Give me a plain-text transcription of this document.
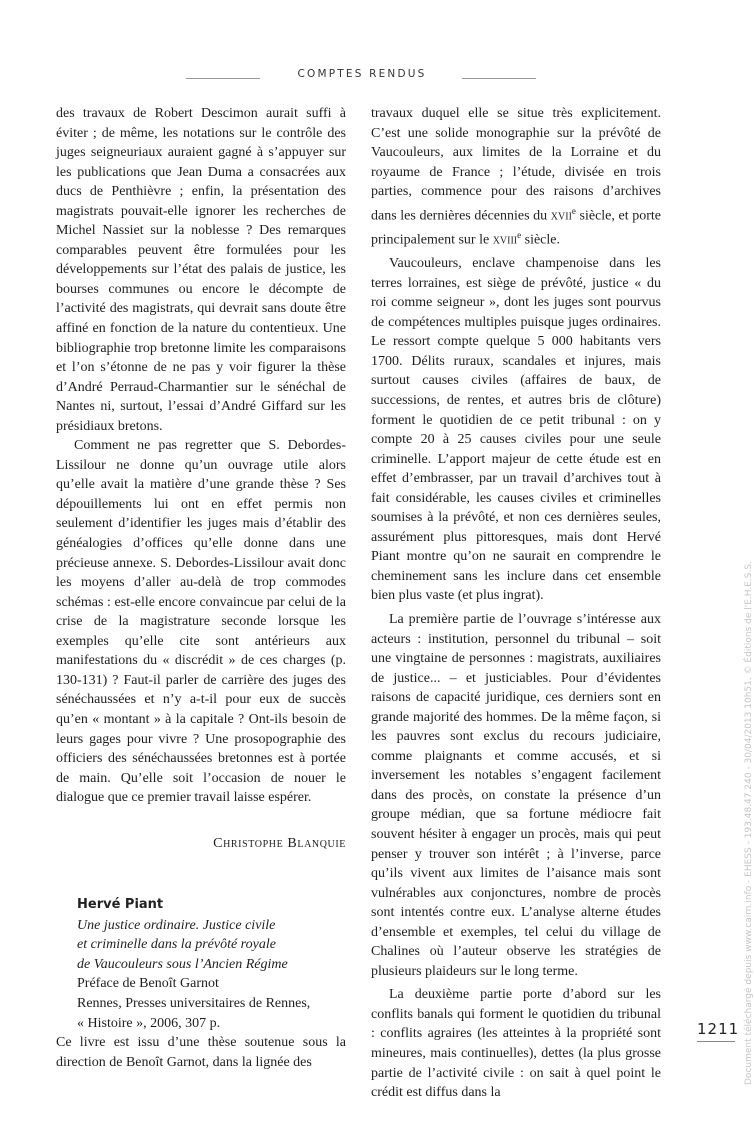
COMPTES RENDUS

des travaux de Robert Descimon aurait suffi à éviter ; de même, les notations sur le contrôle des juges seigneuriaux auraient gagné à s’appuyer sur les publications que Jean Duma a consacrées aux ducs de Penthièvre ; enfin, la présentation des magistrats pouvait-elle ignorer les recherches de Michel Nassiet sur la noblesse ? Des remarques comparables peuvent être formulées pour les développements sur l’état des palais de justice, les bourses communes ou encore le décompte de l’activité des magistrats, qui devrait sans doute être affiné en fonction de la nature du contentieux. Une bibliographie trop bretonne limite les comparaisons et l’on s’étonne de ne pas y voir figurer la thèse d’André Perraud-Charmantier sur le sénéchal de Nantes ni, surtout, l’essai d’André Giffard sur les présidiaux bretons.

Comment ne pas regretter que S. Debordes-Lissilour ne donne qu’un ouvrage utile alors qu’elle avait la matière d’une grande thèse ? Ses dépouillements lui ont en effet permis non seulement d’identifier les juges mais d’établir des généalogies d’offices qu’elle donne dans une précieuse annexe. S. Debordes-Lissilour avait donc les moyens d’aller au-delà de trop commodes schémas : est-elle encore convaincue par celui de la crise de la magistrature seconde lorsque les exemples qu’elle cite sont antérieurs aux manifestations du « discrédit » de ces charges (p. 130-131) ? Faut-il parler de carrière des juges des sénéchaussées et n’y a-t-il pour eux de succès qu’en « montant » à la capitale ? Ont-ils besoin de leurs gages pour vivre ? Une prosopographie des officiers des sénéchaussées bretonnes est à portée de main. Qu’elle soit l’occasion de nouer le dialogue que ce premier travail laisse espérer.

Christophe Blanquie
Hervé Piant
Une justice ordinaire. Justice civile
et criminelle dans la prévôté royale
de Vaucouleurs sous l’Ancien Régime
Préface de Benoît Garnot
Rennes, Presses universitaires de Rennes,
« Histoire », 2006, 307 p.

Ce livre est issu d’une thèse soutenue sous la direction de Benoît Garnot, dans la lignée des

travaux duquel elle se situe très explicitement. C’est une solide monographie sur la prévôté de Vaucouleurs, aux limites de la Lorraine et du royaume de France ; l’étude, divisée en trois parties, commence pour des raisons d’archives dans les dernières décennies du xvii$^e$ siècle, et porte principalement sur le xviii$^e$ siècle.

Vaucouleurs, enclave champenoise dans les terres lorraines, est siège de prévôté, justice « du roi comme seigneur », dont les juges sont pourvus de compétences multiples puisque juges ordinaires. Le ressort compte quelque 5 000 habitants vers 1700. Délits ruraux, scandales et injures, mais surtout causes civiles (affaires de baux, de successions, de rentes, et autres bris de clôture) forment le quotidien de ce petit tribunal : on y compte 20 à 25 causes civiles pour une seule criminelle. L’apport majeur de cette étude est en effet d’embrasser, par un travail d’archives tout à fait considérable, les causes civiles et criminelles soumises à la prévôté, et non ces dernières seules, assurément plus pittoresques, mais dont Hervé Piant montre qu’on ne saurait en comprendre le cheminement sans les inclure dans cet ensemble bien plus vaste (et plus ingrat).

La première partie de l’ouvrage s’intéresse aux acteurs : institution, personnel du tribunal – soit une vingtaine de personnes : magistrats, auxiliaires de justice... – et justiciables. Pour d’évidentes raisons de capacité juridique, ces derniers sont en grande majorité des hommes. De la même façon, si les pauvres sont exclus du recours judiciaire, comme plaignants et comme accusés, et si inversement les notables s’engagent facilement dans des procès, on constate la présence d’un groupe médian, que sa fortune médiocre fait souvent hésiter à engager un procès, mais qui peut penser y trouver son intérêt ; à l’inverse, parce qu’ils vivent aux limites de l’aisance mais sont vulnérables aux conjonctures, nombre de procès sont intentés contre eux. L’analyse alterne études d’ensemble et exemples, tel celui du village de Chalines où l’auteur observe les stratégies de plusieurs plaideurs sur le long terme.

La deuxième partie porte d’abord sur les conflits banals qui forment le quotidien du tribunal : conflits agraires (les atteintes à la propriété sont mineures, mais continuelles), dettes (la plus grosse partie de l’activité civile : on sait à quel point le crédit est diffus dans la

1211 Document téléchargé depuis www.cairn.info - EHESS - 193.48.47.240 - 30/04/2013 10h51. © Éditions de l'E.H.E.S.S.
